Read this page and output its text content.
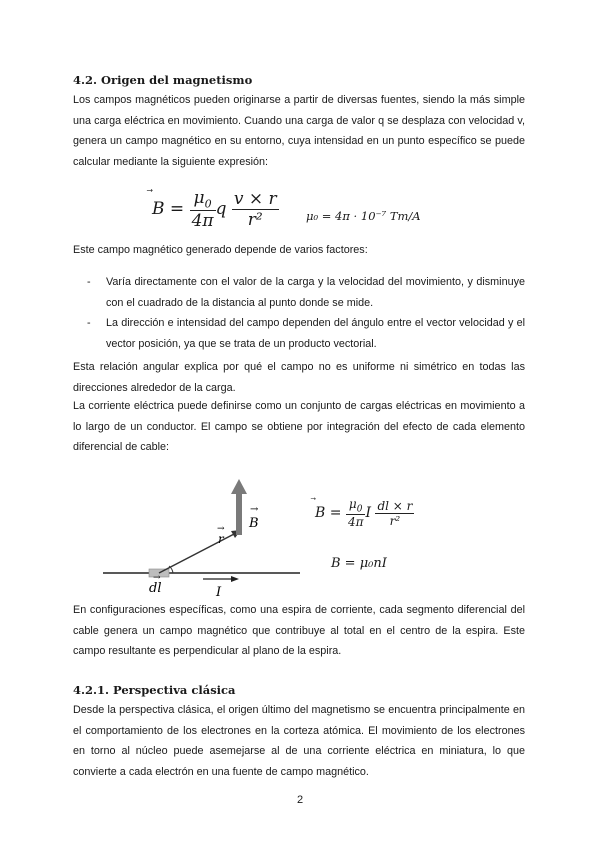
4.2. Origen del magnetismo

Los campos magnéticos pueden originarse a partir de diversas fuentes, siendo la más simple una carga eléctrica en movimiento. Cuando una carga de valor q se desplaza con velocidad v, genera un campo magnético en su entorno, cuya intensidad en un punto específico se puede calcular mediante la siguiente expresión:

$B = \frac{\mu_0}{4\pi}$ q $\frac{v \times r}{\text{r²}} \mu_0 = 4\pi \cdot 10^{-7}$ Tm/A

Este campo magnético generado depende de varios factores:

- Varía directamente con el valor de la carga y la velocidad del movimiento, y disminuye con el cuadrado de la distancia al punto donde se mide.
- La dirección e intensidad del campo dependen del ángulo entre el vector velocidad y el vector posición, ya que se trata de un producto vectorial.

Esta relación angular explica por qué el campo no es uniforme ni simétrico en todas las direcciones alrededor de la carga.

La corriente eléctrica puede definirse como un conjunto de cargas eléctricas en movimiento a lo largo de un conductor. El campo se obtiene por integración del efecto de cada elemento diferencial de cable:

B
→
r
→
dl
→
I
$B = \frac{\mu_0}{4\pi}$ I $\frac{dl \times r}{\text{r²}}$
B = μ₀nI

En configuraciones específicas, como una espira de corriente, cada segmento diferencial del cable genera un campo magnético que contribuye al total en el centro de la espira. Este campo resultante es perpendicular al plano de la espira.

4.2.1. Perspectiva clásica

Desde la perspectiva clásica, el origen último del magnetismo se encuentra principalmente en el comportamiento de los electrones en la corteza atómica. El movimiento de los electrones en torno al núcleo puede asemejarse al de una corriente eléctrica en miniatura, lo que convierte a cada electrón en una fuente de campo magnético.

2
